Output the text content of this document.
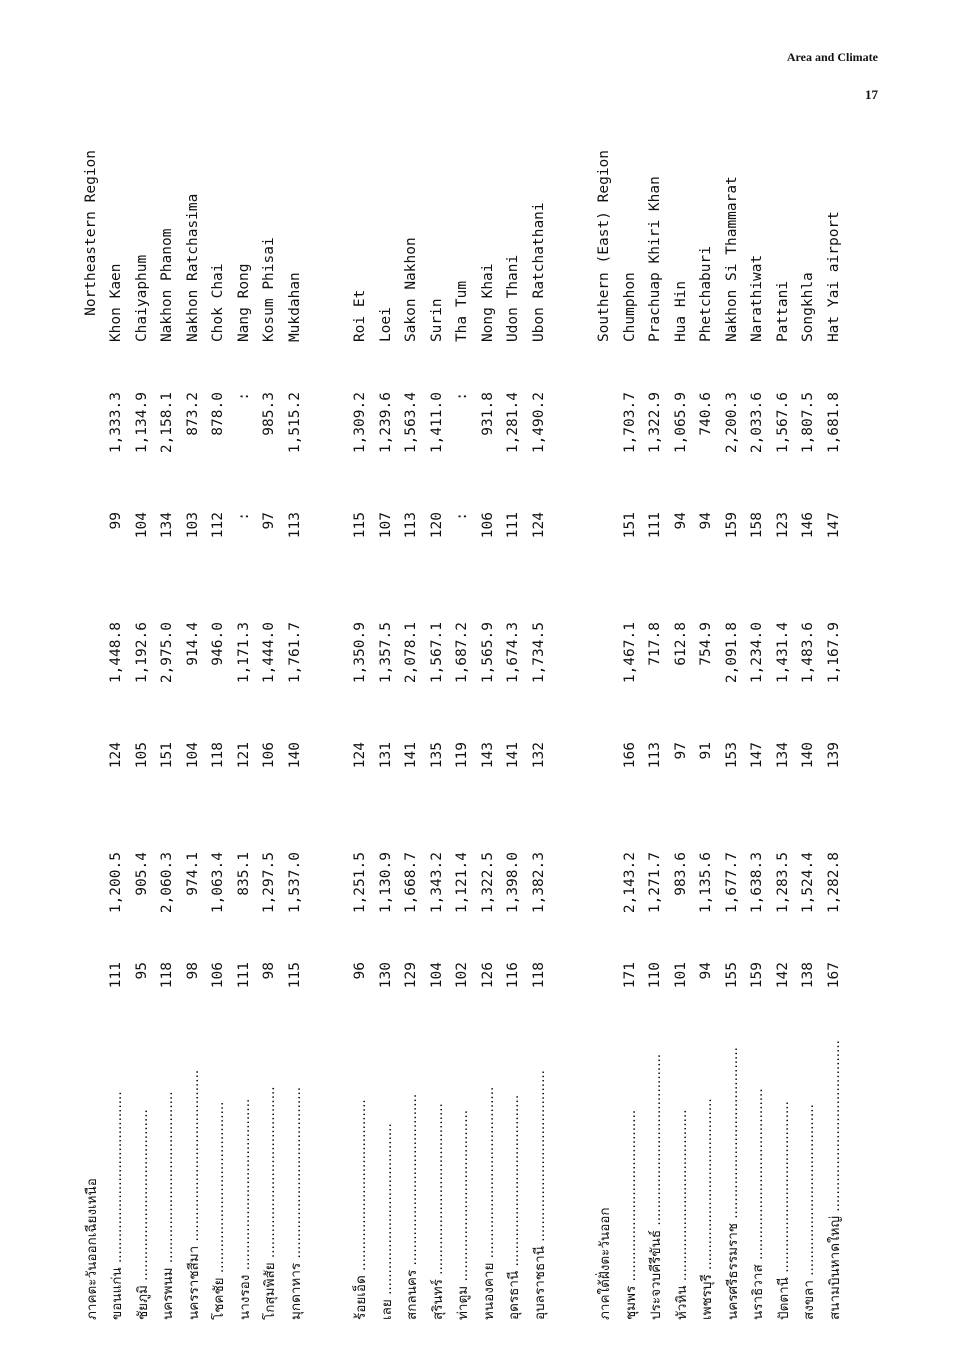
Area and Climate
17
ภาคตะวันออกเฉียงเหนือ							Northeastern Region
ขอนแก่น ........................................	111	1,200.5	124	1,448.8	99	1,333.3	Khon Kaen
ชัยภูมิ ........................................	95	905.4	105	1,192.6	104	1,134.9	Chaiyaphum
นครพนม ........................................	118	2,060.3	151	2,975.0	134	2,158.1	Nakhon Phanom
นครราชสีมา ........................................	98	974.1	104	914.4	103	873.2	Nakhon Ratchasima
โชคชัย ........................................	106	1,063.4	118	946.0	112	878.0	Chok Chai
นางรอง ........................................	111	835.1	121	1,171.3	:	:	Nang Rong
โกสุมพิสัย ........................................	98	1,297.5	106	1,444.0	97	985.3	Kosum Phisai
มุกดาหาร ........................................	115	1,537.0	140	1,761.7	113	1,515.2	Mukdahan

ร้อยเอ็ด ........................................	96	1,251.5	124	1,350.9	115	1,309.2	Roi Et
เลย ........................................	130	1,130.9	131	1,357.5	107	1,239.6	Loei
สกลนคร ........................................	129	1,668.7	141	2,078.1	113	1,563.4	Sakon Nakhon
สุรินทร์ ........................................	104	1,343.2	135	1,567.1	120	1,411.0	Surin
ท่าตูม ........................................	102	1,121.4	119	1,687.2	:	:	Tha Tum
หนองคาย ........................................	126	1,322.5	143	1,565.9	106	931.8	Nong Khai
อุดรธานี ........................................	116	1,398.0	141	1,674.3	111	1,281.4	Udon Thani
อุบลราชธานี ........................................	118	1,382.3	132	1,734.5	124	1,490.2	Ubon Ratchathani

ภาคใต้ฝั่งตะวันออก							Southern (East) Region
ชุมพร ........................................	171	2,143.2	166	1,467.1	151	1,703.7	Chumphon
ประจวบคีรีขันธ์ ........................................	110	1,271.7	113	717.8	111	1,322.9	Prachuap Khiri Khan
หัวหิน ........................................	101	983.6	97	612.8	94	1,065.9	Hua Hin
เพชรบุรี ........................................	94	1,135.6	91	754.9	94	740.6	Phetchaburi
นครศรีธรรมราช ........................................	155	1,677.7	153	2,091.8	159	2,200.3	Nakhon Si Thammarat
นราธิวาส ........................................	159	1,638.3	147	1,234.0	158	2,033.6	Narathiwat
ปัตตานี ........................................	142	1,283.5	134	1,431.4	123	1,567.6	Pattani
สงขลา ........................................	138	1,524.4	140	1,483.6	146	1,807.5	Songkhla
สนามบินหาดใหญ่ ........................................	167	1,282.8	139	1,167.9	147	1,681.8	Hat Yai airport
